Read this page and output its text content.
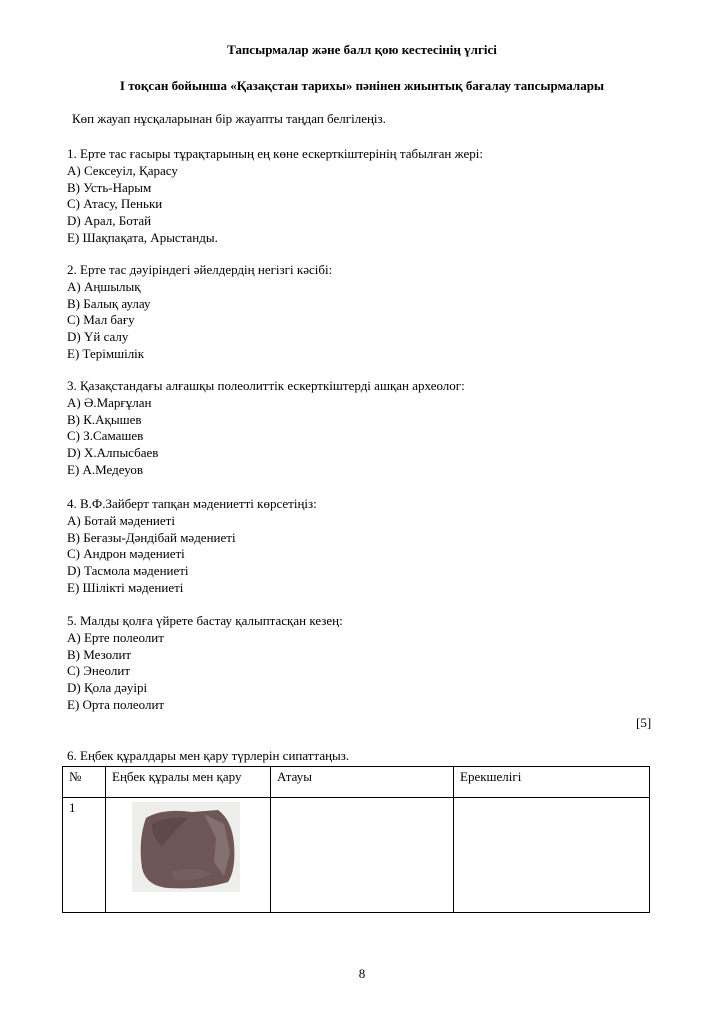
Тапсырмалар және балл қою кестесінің үлгісі
І тоқсан бойынша «Қазақстан тарихы» пәнінен жиынтық бағалау тапсырмалары
Көп жауап нұсқаларынан бір жауапты таңдап белгілеңіз.
1. Ерте тас ғасыры тұрақтарының ең көне ескерткіштерінің табылған жері:
A) Сексеуіл, Қарасу
B) Усть-Нарым
C) Атасу, Пеньки
D) Арал, Ботай
E) Шақпақата, Арыстанды.
2. Ерте тас дәуіріндегі әйелдердің негізгі кәсібі:
A) Аңшылық
B) Балық аулау
C) Мал бағу
D) Үй салу
E) Терімшілік
3. Қазақстандағы алғашқы полеолиттік ескерткіштерді ашқан археолог:
A) Ә.Марғұлан
B) К.Ақышев
C) З.Самашев
D) Х.Алпысбаев
E) А.Медеуов
4. В.Ф.Зайберт тапқан мәдениетті көрсетіңіз:
A) Ботай мәдениеті
B) Беғазы-Дәндібай мәдениеті
C) Андрон мәдениеті
D) Тасмола мәдениеті
E) Шілікті мәдениеті
5. Малды қолға үйрете бастау қалыптасқан кезең:
A) Ерте полеолит
B) Мезолит
C) Энеолит
D) Қола дәуірі
E) Орта полеолит
[5]
6. Еңбек құралдары мен қару түрлерін сипаттаңыз.
№	Еңбек құралы мен қару	Атауы	Ерекшелігі
1	

8
